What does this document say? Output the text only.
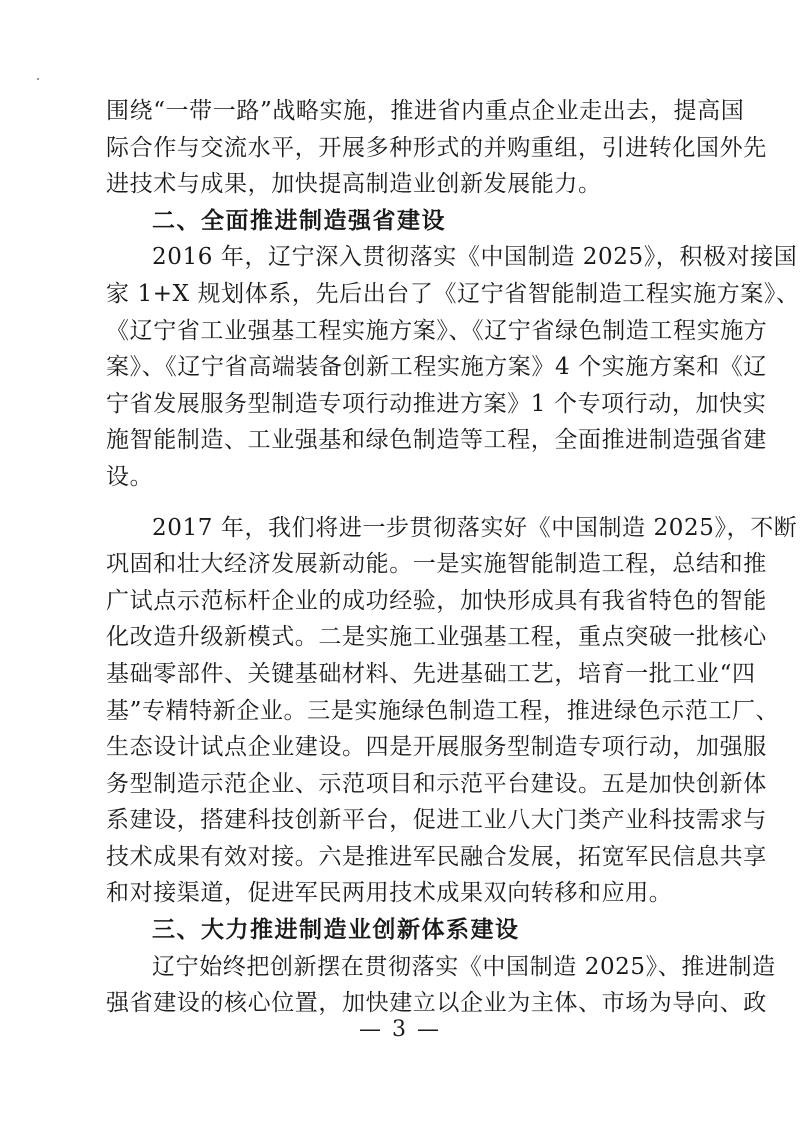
围绕“一带一路”战略实施，推进省内重点企业走出去，提高国
际合作与交流水平，开展多种形式的并购重组，引进转化国外先
进技术与成果，加快提高制造业创新发展能力。
二、全面推进制造强省建设
2016 年，辽宁深入贯彻落实《中国制造 2025》，积极对接国
家 1+X 规划体系，先后出台了《辽宁省智能制造工程实施方案》、
《辽宁省工业强基工程实施方案》、《辽宁省绿色制造工程实施方
案》、《辽宁省高端装备创新工程实施方案》4 个实施方案和《辽
宁省发展服务型制造专项行动推进方案》1 个专项行动，加快实
施智能制造、工业强基和绿色制造等工程，全面推进制造强省建
设。
2017 年，我们将进一步贯彻落实好《中国制造 2025》，不断
巩固和壮大经济发展新动能。一是实施智能制造工程，总结和推
广试点示范标杆企业的成功经验，加快形成具有我省特色的智能
化改造升级新模式。二是实施工业强基工程，重点突破一批核心
基础零部件、关键基础材料、先进基础工艺，培育一批工业“四
基”专精特新企业。三是实施绿色制造工程，推进绿色示范工厂、
生态设计试点企业建设。四是开展服务型制造专项行动，加强服
务型制造示范企业、示范项目和示范平台建设。五是加快创新体
系建设，搭建科技创新平台，促进工业八大门类产业科技需求与
技术成果有效对接。六是推进军民融合发展，拓宽军民信息共享
和对接渠道，促进军民两用技术成果双向转移和应用。
三、大力推进制造业创新体系建设
辽宁始终把创新摆在贯彻落实《中国制造 2025》、推进制造
强省建设的核心位置，加快建立以企业为主体、市场为导向、政
— 3 —
